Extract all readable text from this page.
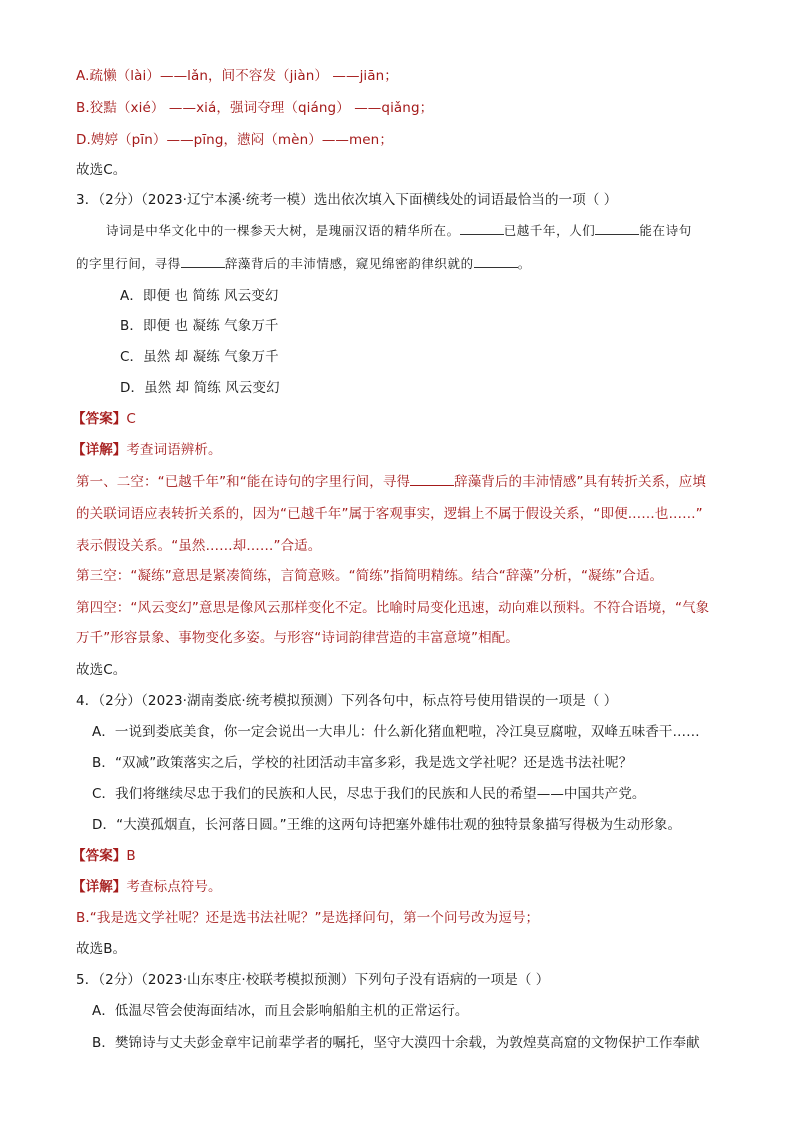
A.疏懒（lài）——lǎn，间不容发（jiàn） ——jiān；
B.狡黠（xié） ——xiá，强词夺理（qiáng） ——qiǎng；
D.娉婷（pīn）——pīng，懑闷（mèn）——men；
故选C。
3．（2分）（2023·辽宁本溪·统考一模）选出依次填入下面横线处的词语最恰当的一项（ ）
诗词是中华文化中的一棵参天大树，是瑰丽汉语的精华所在。	已越千年，人们	能在诗句
的字里行间，寻得	辞藻背后的丰沛情感，窥见绵密韵律织就的	。
A．即便 也 简练 风云变幻
B．即便 也 凝练 气象万千
C．虽然 却 凝练 气象万千
D．虽然 却 简练 风云变幻
【答案】C
【详解】考查词语辨析。
第一、二空：“已越千年”和“能在诗句的字里行间，寻得	辞藻背后的丰沛情感”具有转折关系，应填
的关联词语应表转折关系的，因为“已越千年”属于客观事实，逻辑上不属于假设关系，“即便……也……”
表示假设关系。“虽然……却……”合适。
第三空：“凝练”意思是紧凑简练，言简意赅。“简练”指简明精练。结合“辞藻”分析，“凝练”合适。
第四空：“风云变幻”意思是像风云那样变化不定。比喻时局变化迅速，动向难以预料。不符合语境，“气象
万千”形容景象、事物变化多姿。与形容“诗词韵律营造的丰富意境”相配。
故选C。
4．（2分）（2023·湖南娄底·统考模拟预测）下列各句中，标点符号使用错误的一项是（ ）
A．一说到娄底美食，你一定会说出一大串儿：什么新化猪血粑啦，冷江臭豆腐啦，双峰五味香干……
B．“双减”政策落实之后，学校的社团活动丰富多彩，我是选文学社呢？还是选书法社呢？
C．我们将继续尽忠于我们的民族和人民，尽忠于我们的民族和人民的希望——中国共产党。
D．“大漠孤烟直，长河落日圆。”王维的这两句诗把塞外雄伟壮观的独特景象描写得极为生动形象。
【答案】B
【详解】考查标点符号。
B.“我是选文学社呢？还是选书法社呢？”是选择问句，第一个问号改为逗号；
故选B。
5．（2分）（2023·山东枣庄·校联考模拟预测）下列句子没有语病的一项是（ ）
A．低温尽管会使海面结冰，而且会影响船舶主机的正常运行。
B．樊锦诗与丈夫彭金章牢记前辈学者的嘱托，坚守大漠四十余载，为敦煌莫高窟的文物保护工作奉献
